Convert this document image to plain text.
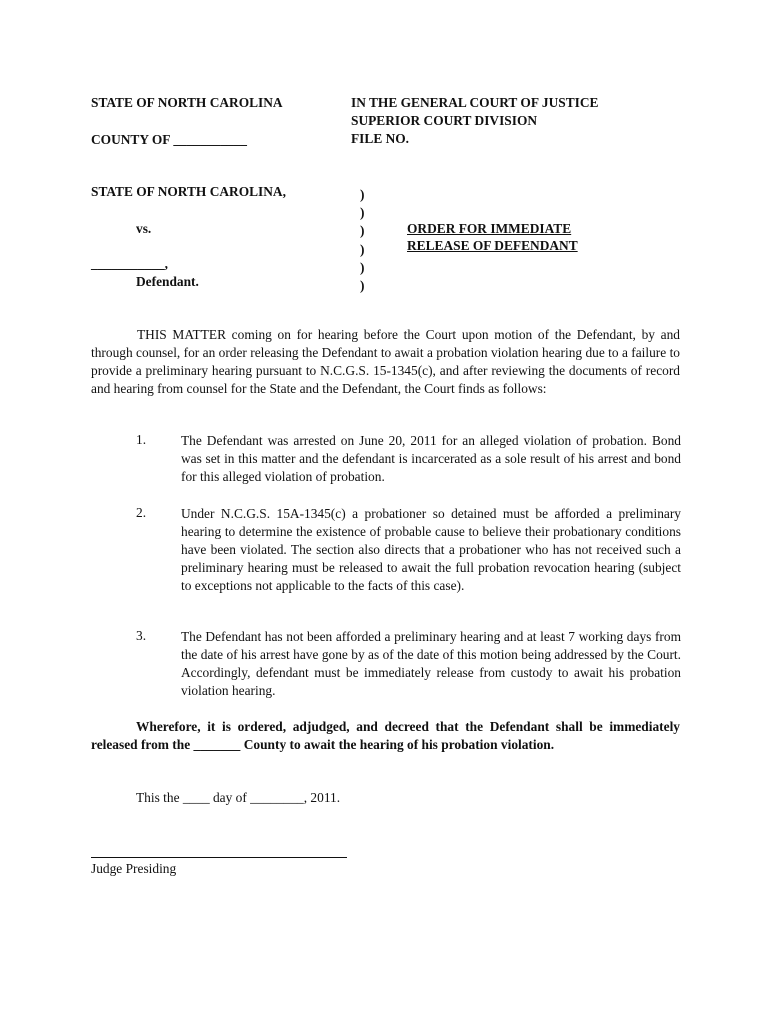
STATE OF NORTH CAROLINA
COUNTY OF ___________
IN THE GENERAL COURT OF JUSTICE
SUPERIOR COURT DIVISION
FILE NO.
STATE OF NORTH CAROLINA,
vs.
___________,
Defendant.
)
)
)
)
)
)
ORDER FOR IMMEDIATE
RELEASE OF DEFENDANT
THIS MATTER coming on for hearing before the Court upon motion of the Defendant, by and through counsel, for an order releasing the Defendant to await a probation violation hearing due to a failure to provide a preliminary hearing pursuant to N.C.G.S. 15-1345(c), and after reviewing the documents of record and hearing from counsel for the State and the Defendant, the Court finds as follows:
1.	The Defendant was arrested on June 20, 2011 for an alleged violation of probation. Bond was set in this matter and the defendant is incarcerated as a sole result of his arrest and bond for this alleged violation of probation.
2.	Under N.C.G.S. 15A-1345(c) a probationer so detained must be afforded a preliminary hearing to determine the existence of probable cause to believe their probationary conditions have been violated. The section also directs that a probationer who has not received such a preliminary hearing must be released to await the full probation revocation hearing (subject to exceptions not applicable to the facts of this case).
3.	The Defendant has not been afforded a preliminary hearing and at least 7 working days from the date of his arrest have gone by as of the date of this motion being addressed by the Court. Accordingly, defendant must be immediately release from custody to await his probation violation hearing.
Wherefore, it is ordered, adjudged, and decreed that the Defendant shall be immediately released from the _______ County to await the hearing of his probation violation.
This the ____ day of ________, 2011.
Judge Presiding
